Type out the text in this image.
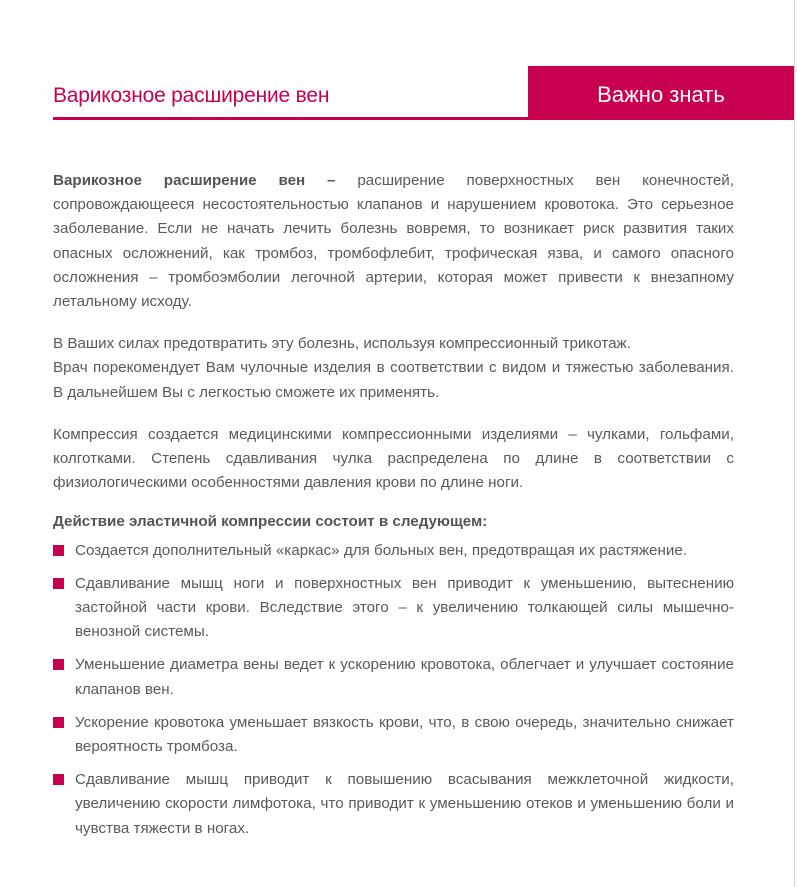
Варикозное расширение вен	Важно знать

Варикозное расширение вен – расширение поверхностных вен конечностей, сопровождающееся несостоятельностью клапанов и нарушением кровотока. Это серьезное заболевание. Если не начать лечить болезнь вовремя, то возникает риск развития таких опасных осложнений, как тромбоз, тромбофлебит, трофическая язва, и самого опасного осложнения – тромбоэмболии легочной артерии, которая может привести к внезапному летальному исходу.

В Ваших силах предотвратить эту болезнь, используя компрессионный трикотаж.
Врач порекомендует Вам чулочные изделия в соответствии с видом и тяжестью заболевания. В дальнейшем Вы с легкостью сможете их применять.

Компрессия создается медицинскими компрессионными изделиями – чулками, гольфами, колготками. Степень сдавливания чулка распределена по длине в соответствии с физиологическими особенностями давления крови по длине ноги.

Действие эластичной компрессии состоит в следующем:

Создается дополнительный «каркас» для больных вен, предотвращая их растяжение.
Сдавливание мышц ноги и поверхностных вен приводит к уменьшению, вытеснению застойной части крови. Вследствие этого – к увеличению толкающей силы мышечно-венозной системы.
Уменьшение диаметра вены ведет к ускорению кровотока, облегчает и улучшает состояние клапанов вен.
Ускорение кровотока уменьшает вязкость крови, что, в свою очередь, значительно снижает вероятность тромбоза.
Сдавливание мышц приводит к повышению всасывания межклеточной жидкости, увеличению скорости лимфотока, что приводит к уменьшению отеков и уменьшению боли и чувства тяжести в ногах.
